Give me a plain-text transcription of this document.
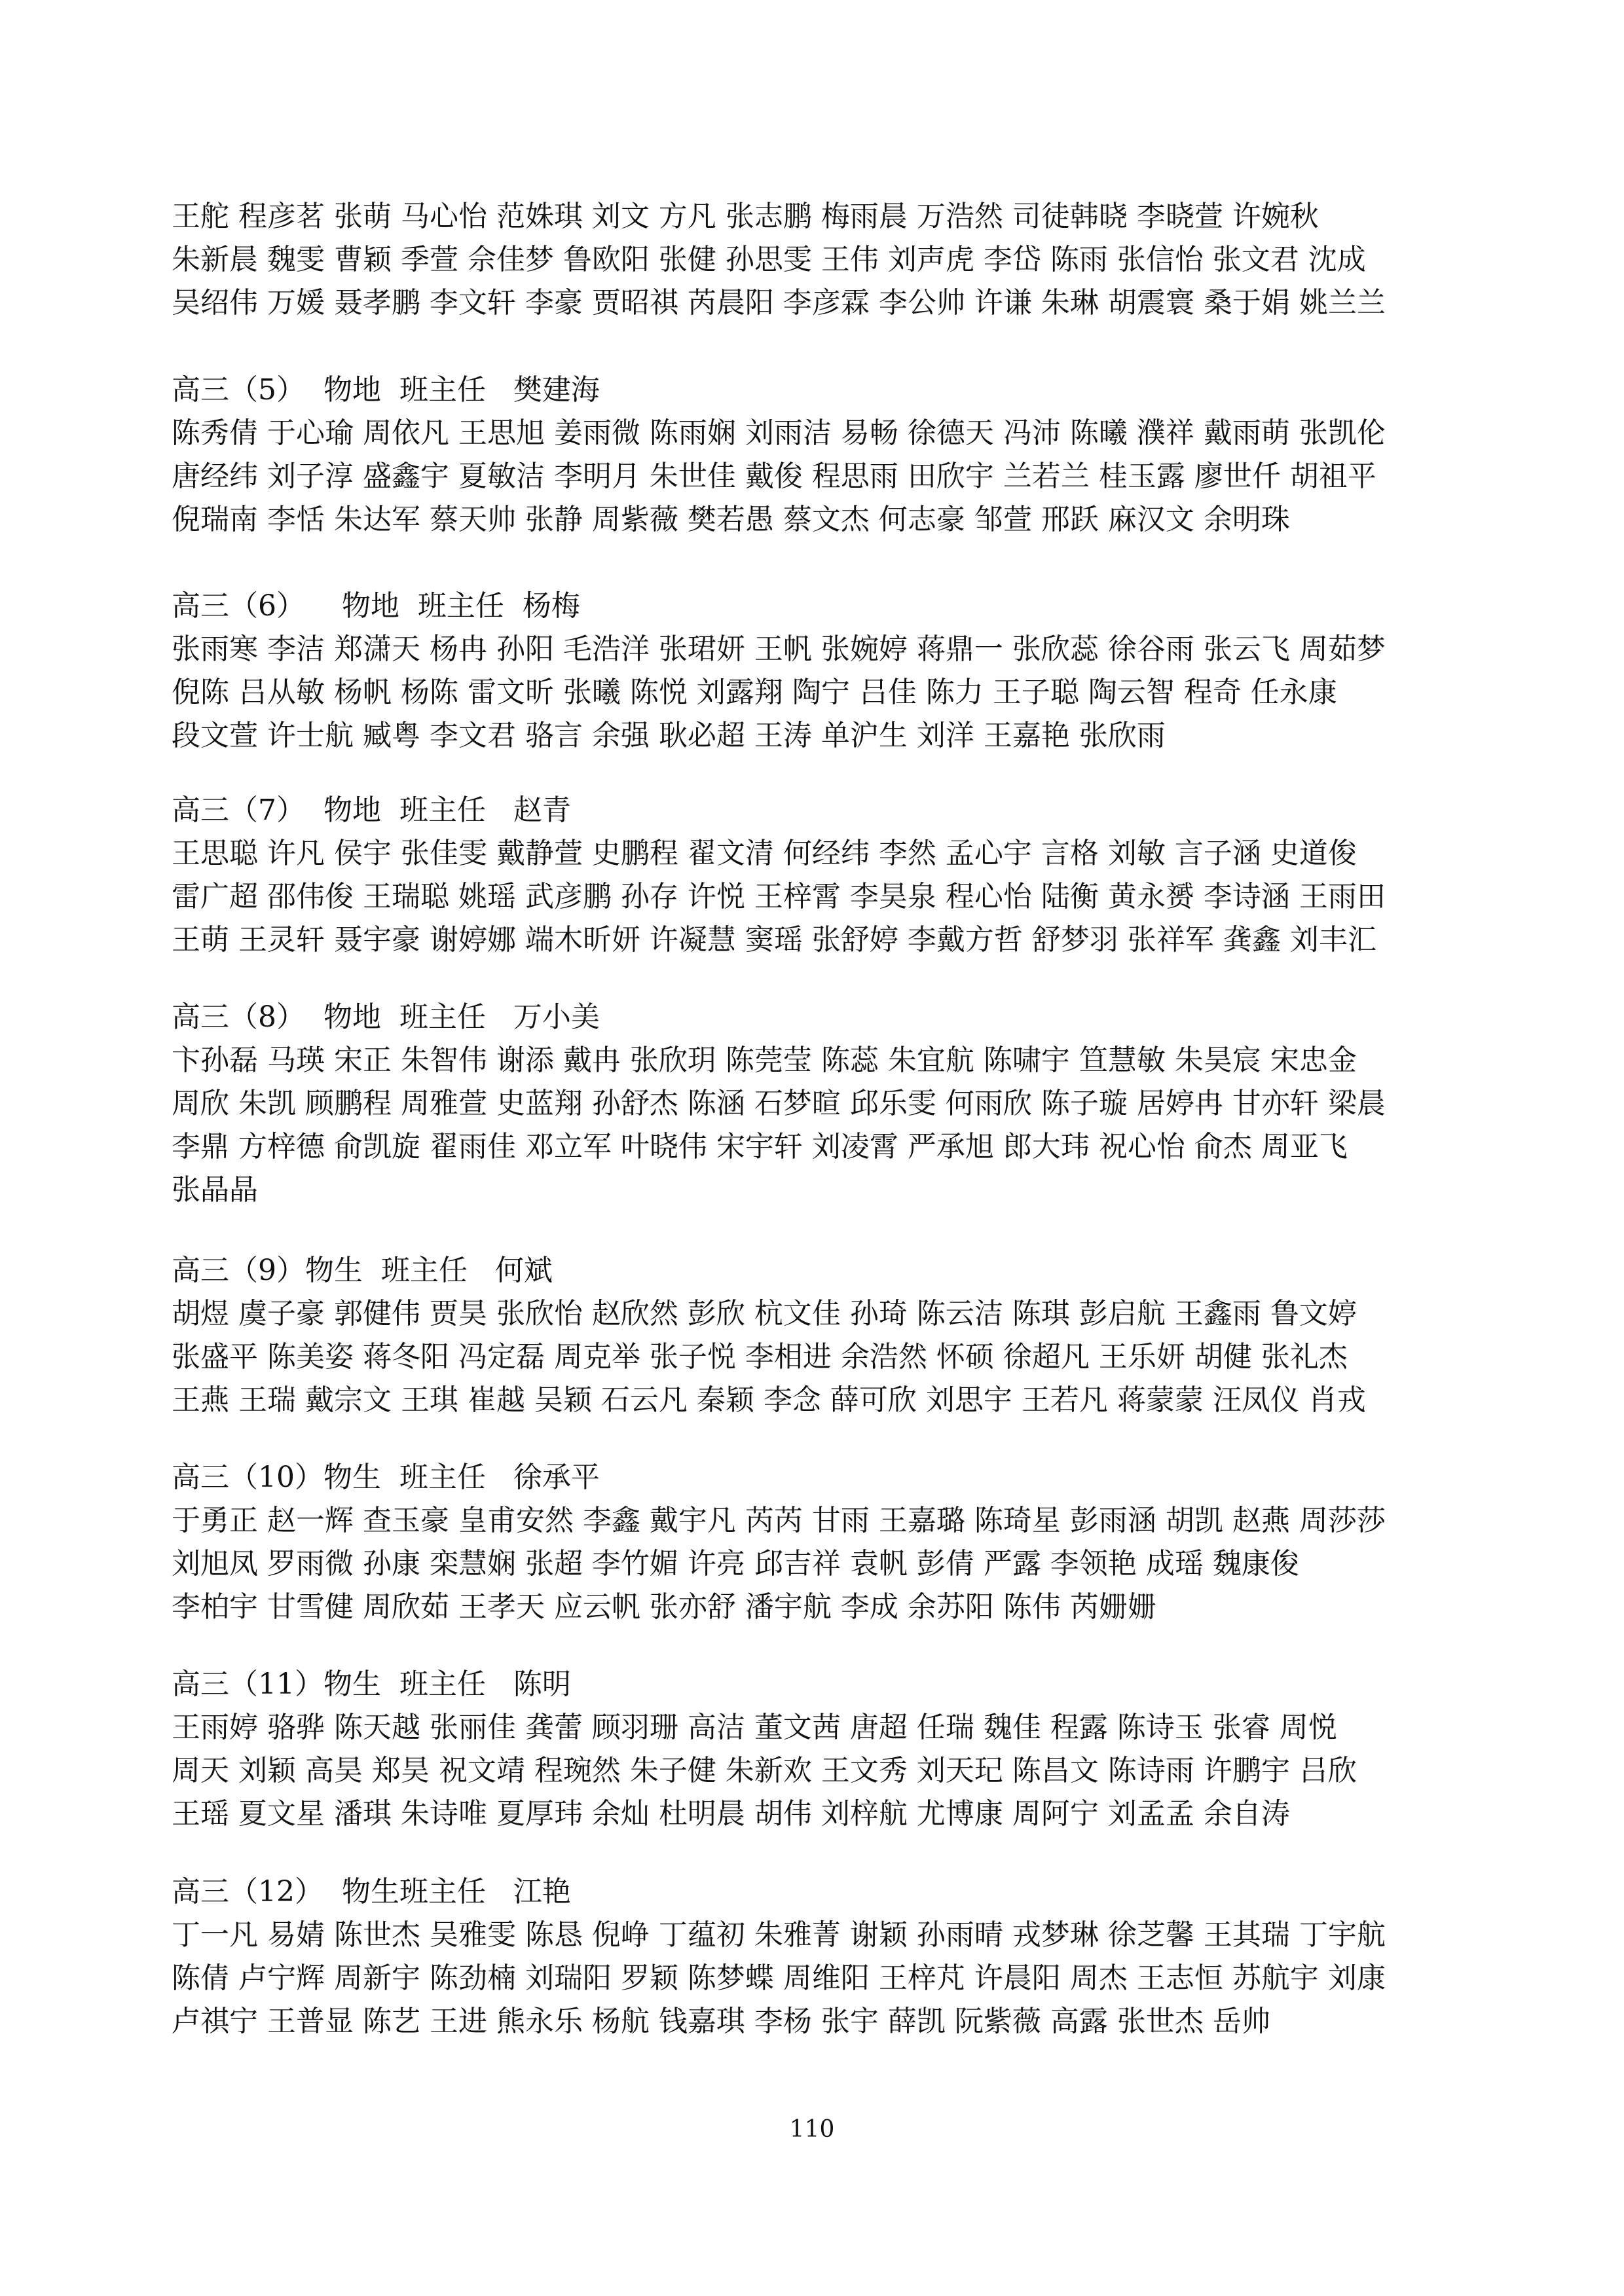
王舵 程彦茗 张萌 马心怡 范姝琪 刘文 方凡 张志鹏 梅雨晨 万浩然 司徒韩晓 李晓萱 许婉秋
朱新晨 魏雯 曹颖 季萱 佘佳梦 鲁欧阳 张健 孙思雯 王伟 刘声虎 李岱 陈雨 张信怡 张文君 沈成
吴绍伟 万媛 聂孝鹏 李文轩 李豪 贾昭祺 芮晨阳 李彦霖 李公帅 许谦 朱琳 胡震寰 桑于娟 姚兰兰
高三（5）  物地  班主任   樊建海
陈秀倩 于心瑜 周依凡 王思旭 姜雨微 陈雨娴 刘雨洁 易畅 徐德天 冯沛 陈曦 濮祥 戴雨萌 张凯伦
唐经纬 刘子淳 盛鑫宇 夏敏洁 李明月 朱世佳 戴俊 程思雨 田欣宇 兰若兰 桂玉露 廖世仟 胡祖平
倪瑞南 李恬 朱达军 蔡天帅 张静 周紫薇 樊若愚 蔡文杰 何志豪 邹萱 邢跃 麻汉文 余明珠
高三（6）    物地  班主任  杨梅
张雨寒 李洁 郑潇天 杨冉 孙阳 毛浩洋 张珺妍 王帆 张婉婷 蒋鼎一 张欣蕊 徐谷雨 张云飞 周茹梦
倪陈 吕从敏 杨帆 杨陈 雷文昕 张曦 陈悦 刘露翔 陶宁 吕佳 陈力 王子聪 陶云智 程奇 任永康
段文萱 许士航 臧粤 李文君 骆言 余强 耿必超 王涛 单沪生 刘洋 王嘉艳 张欣雨
高三（7）  物地  班主任   赵青
王思聪 许凡 侯宇 张佳雯 戴静萱 史鹏程 翟文清 何经纬 李然 孟心宇 言格 刘敏 言子涵 史道俊
雷广超 邵伟俊 王瑞聪 姚瑶 武彦鹏 孙存 许悦 王梓霄 李昊泉 程心怡 陆衡 黄永赟 李诗涵 王雨田
王萌 王灵轩 聂宇豪 谢婷娜 端木昕妍 许凝慧 窦瑶 张舒婷 李戴方哲 舒梦羽 张祥军 龚鑫 刘丰汇
高三（8）  物地  班主任   万小美
卞孙磊 马瑛 宋正 朱智伟 谢添 戴冉 张欣玥 陈莞莹 陈蕊 朱宜航 陈啸宇 笪慧敏 朱昊宸 宋忠金
周欣 朱凯 顾鹏程 周雅萱 史蓝翔 孙舒杰 陈涵 石梦暄 邱乐雯 何雨欣 陈子璇 居婷冉 甘亦轩 梁晨
李鼎 方梓德 俞凯旋 翟雨佳 邓立军 叶晓伟 宋宇轩 刘凌霄 严承旭 郎大玮 祝心怡 俞杰 周亚飞
张晶晶
高三（9）物生  班主任   何斌
胡煜 虞子豪 郭健伟 贾昊 张欣怡 赵欣然 彭欣 杭文佳 孙琦 陈云洁 陈琪 彭启航 王鑫雨 鲁文婷
张盛平 陈美姿 蒋冬阳 冯定磊 周克举 张子悦 李相进 余浩然 怀硕 徐超凡 王乐妍 胡健 张礼杰
王燕 王瑞 戴宗文 王琪 崔越 吴颖 石云凡 秦颖 李念 薛可欣 刘思宇 王若凡 蒋蒙蒙 汪凤仪 肖戎
高三（10）物生  班主任   徐承平
于勇正 赵一辉 查玉豪 皇甫安然 李鑫 戴宇凡 芮芮 甘雨 王嘉璐 陈琦星 彭雨涵 胡凯 赵燕 周莎莎
刘旭凤 罗雨微 孙康 栾慧娴 张超 李竹媚 许亮 邱吉祥 袁帆 彭倩 严露 李领艳 成瑶 魏康俊
李柏宇 甘雪健 周欣茹 王孝天 应云帆 张亦舒 潘宇航 李成 余苏阳 陈伟 芮姗姗
高三（11）物生  班主任   陈明
王雨婷 骆骅 陈天越 张丽佳 龚蕾 顾羽珊 高洁 董文茜 唐超 任瑞 魏佳 程露 陈诗玉 张睿 周悦
周天 刘颖 高昊 郑昊 祝文靖 程琬然 朱子健 朱新欢 王文秀 刘天玘 陈昌文 陈诗雨 许鹏宇 吕欣
王瑶 夏文星 潘琪 朱诗唯 夏厚玮 余灿 杜明晨 胡伟 刘梓航 尤博康 周阿宁 刘孟孟 余自涛
高三（12）  物生班主任   江艳
丁一凡 易婧 陈世杰 吴雅雯 陈恳 倪峥 丁蕴初 朱雅菁 谢颖 孙雨晴 戎梦琳 徐芝馨 王其瑞 丁宇航
陈倩 卢宁辉 周新宇 陈劲楠 刘瑞阳 罗颖 陈梦蝶 周维阳 王梓芃 许晨阳 周杰 王志恒 苏航宇 刘康
卢祺宁 王普显 陈艺 王进 熊永乐 杨航 钱嘉琪 李杨 张宇 薛凯 阮紫薇 高露 张世杰 岳帅
110
